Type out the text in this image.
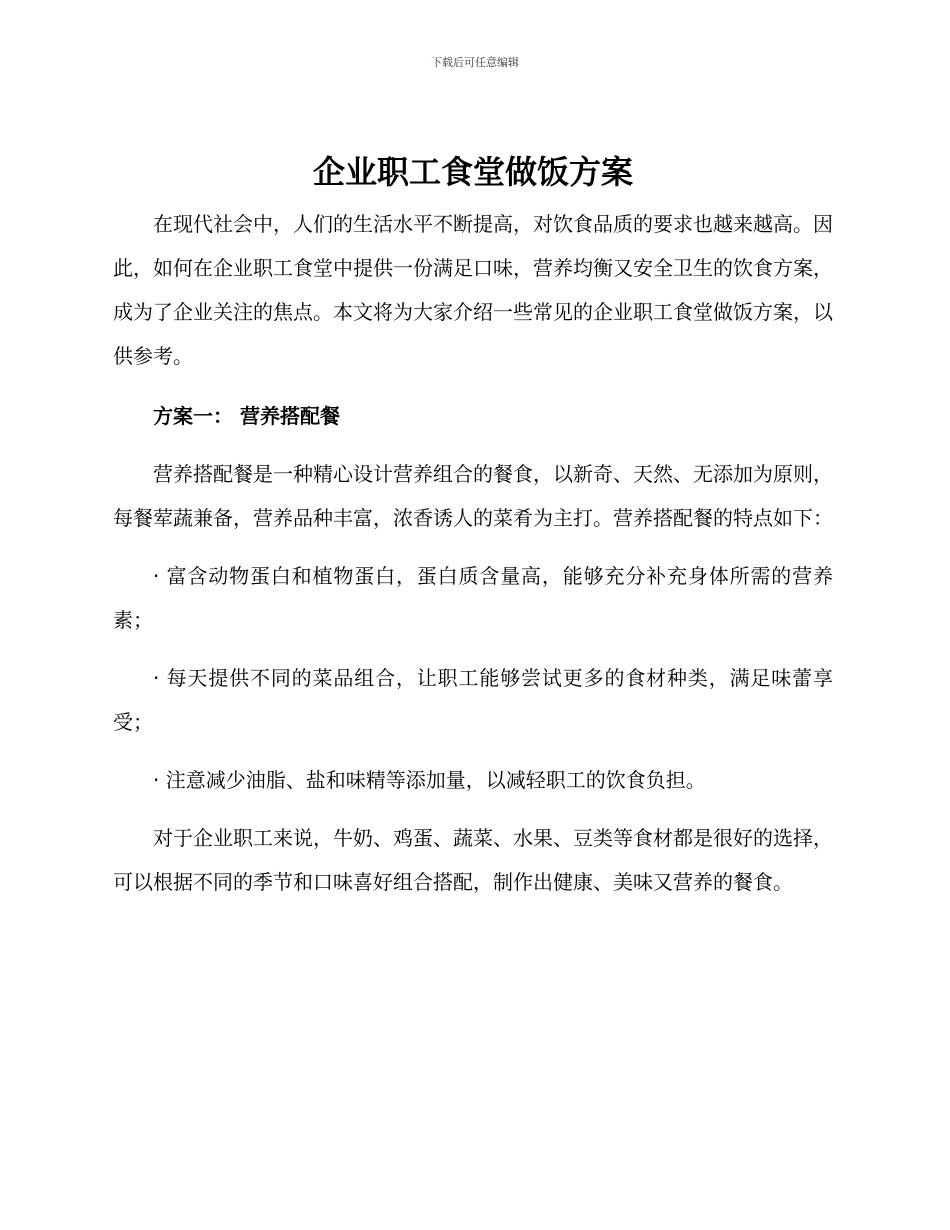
下载后可任意编辑
企业职工食堂做饭方案

在现代社会中，人们的生活水平不断提高，对饮食品质的要求也越来越高。因此，如何在企业职工食堂中提供一份满足口味，营养均衡又安全卫生的饮食方案，成为了企业关注的焦点。本文将为大家介绍一些常见的企业职工食堂做饭方案，以供参考。

方案一： 营养搭配餐

营养搭配餐是一种精心设计营养组合的餐食，以新奇、天然、无添加为原则，每餐荤蔬兼备，营养品种丰富，浓香诱人的菜肴为主打。营养搭配餐的特点如下：

· 富含动物蛋白和植物蛋白，蛋白质含量高，能够充分补充身体所需的营养素；

· 每天提供不同的菜品组合，让职工能够尝试更多的食材种类，满足味蕾享受；

· 注意减少油脂、盐和味精等添加量，以减轻职工的饮食负担。

对于企业职工来说，牛奶、鸡蛋、蔬菜、水果、豆类等食材都是很好的选择，可以根据不同的季节和口味喜好组合搭配，制作出健康、美味又营养的餐食。
